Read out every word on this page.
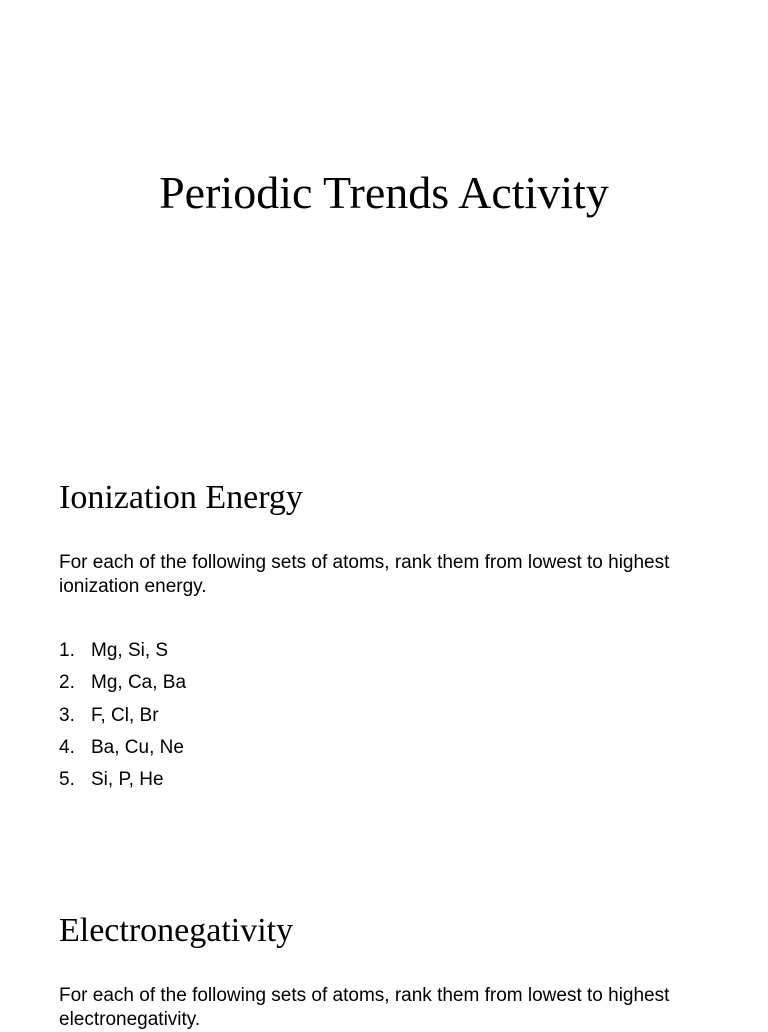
Periodic Trends Activity
Ionization Energy

For each of the following sets of atoms, rank them from lowest to highest ionization energy.

1. Mg, Si, S
2. Mg, Ca, Ba
3. F, Cl, Br
4. Ba, Cu, Ne
5. Si, P, He
Electronegativity

For each of the following sets of atoms, rank them from lowest to highest electronegativity.
